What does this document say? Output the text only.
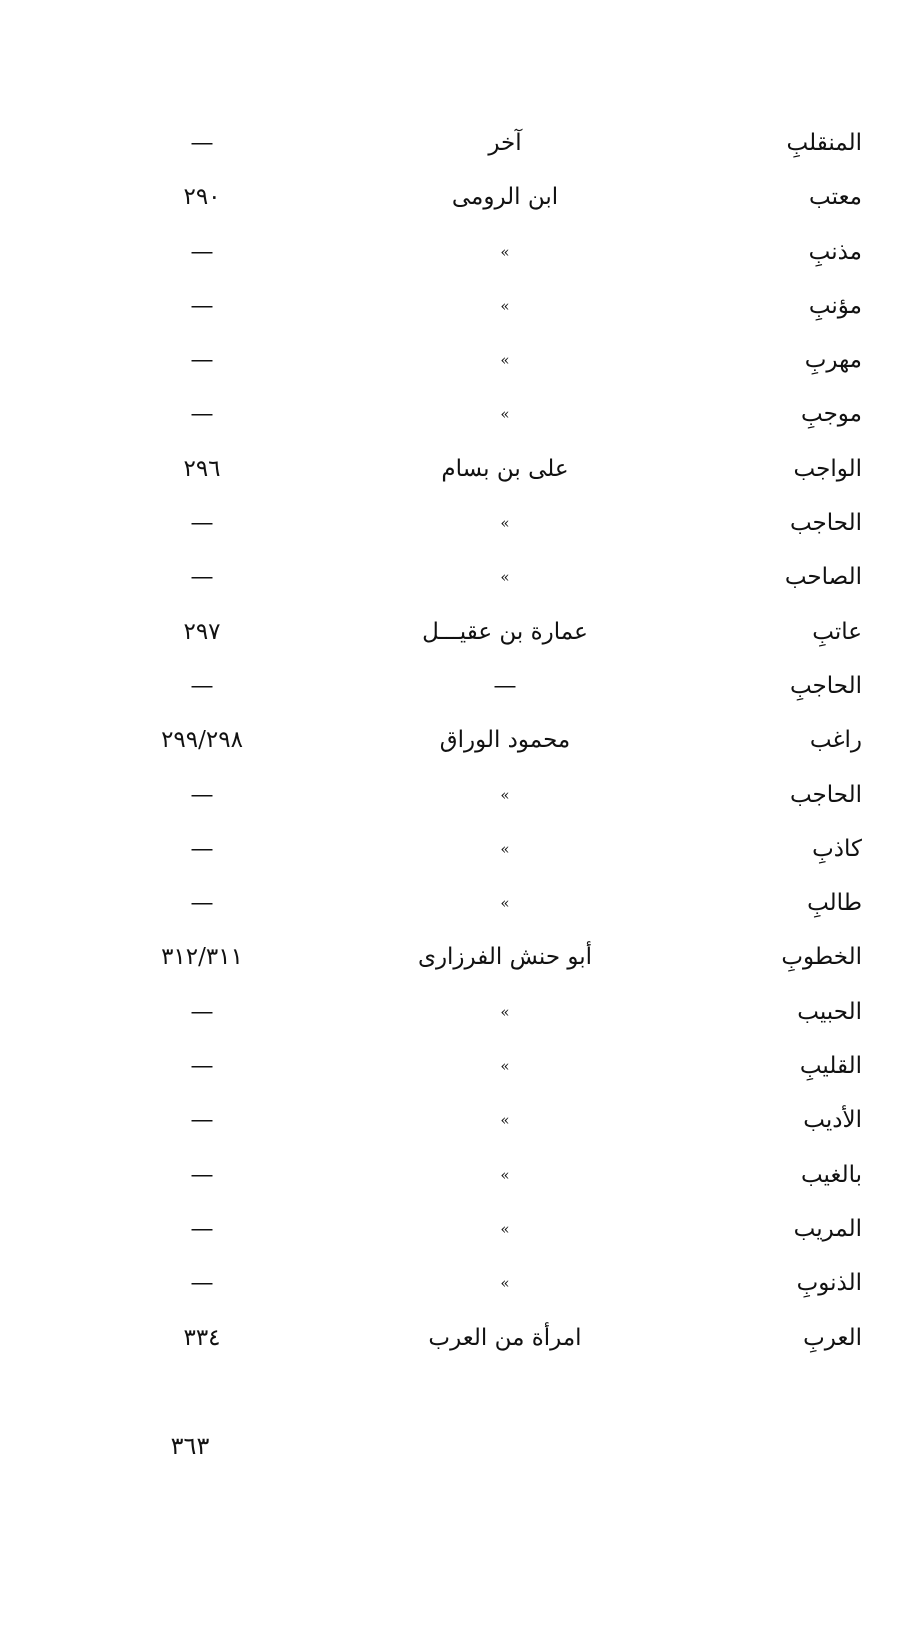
المنقلبِ
آخر
—
معتب
ابن الرومى
٢٩٠
مذنبِ
»
—
مؤنبِ
»
—
مهربِ
»
—
موجبِ
»
—
الواجب
على بن بسام
٢٩٦
الحاجب
»
—
الصاحب
»
—
عاتبِ
عمارة بن عقيـــل
٢٩٧
الحاجبِ
—
—
راغب
محمود الوراق
٢٩٩/٢٩٨
الحاجب
»
—
كاذبِ
»
—
طالبِ
»
—
الخطوبِ
أبو حنش الفرزارى
٣١٢/٣١١
الحبيب
»
—
القليبِ
»
—
الأديب
»
—
بالغيب
»
—
المريب
»
—
الذنوبِ
»
—
العربِ
امرأة من العرب
٣٣٤
٣٦٣
